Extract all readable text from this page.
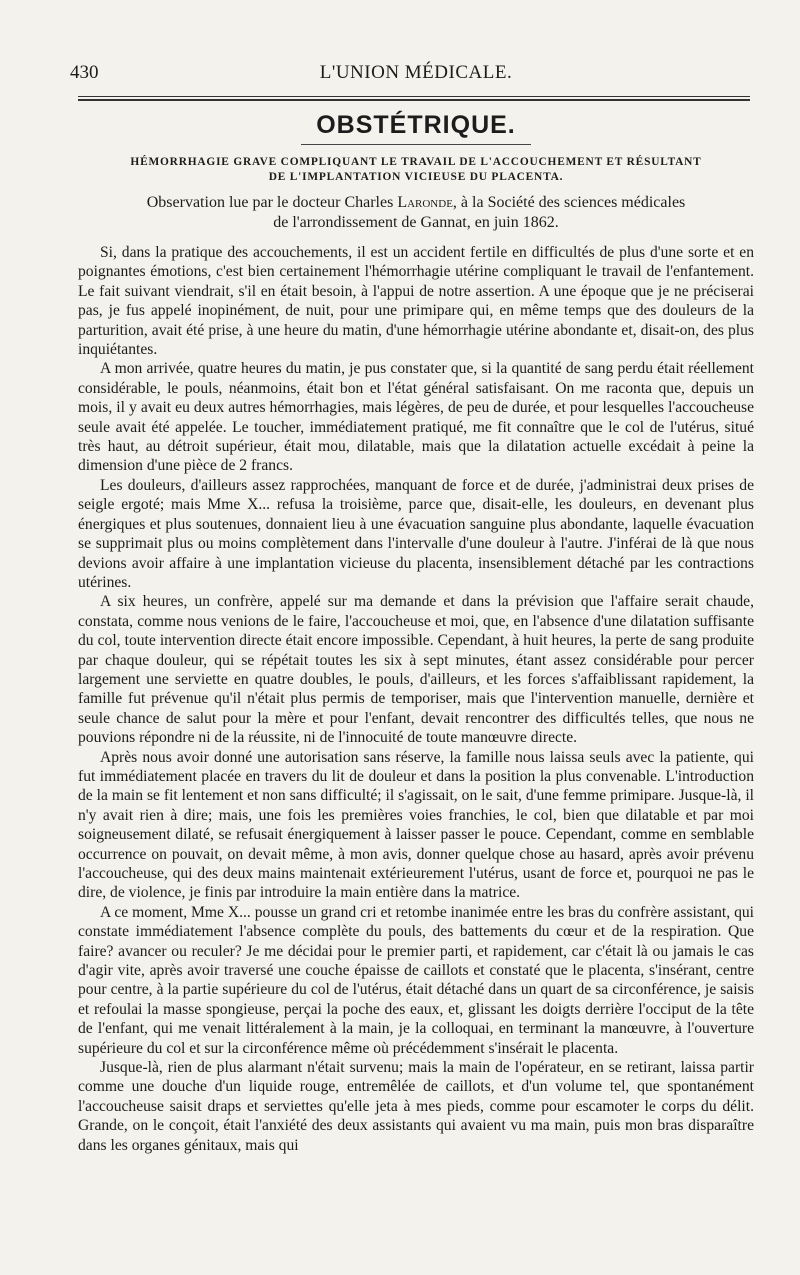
430	L'UNION MÉDICALE.
OBSTÉTRIQUE.
HÉMORRHAGIE GRAVE COMPLIQUANT LE TRAVAIL DE L'ACCOUCHEMENT ET RÉSULTANT
DE L'IMPLANTATION VICIEUSE DU PLACENTA.
Observation lue par le docteur Charles Laronde, à la Société des sciences médicales
de l'arrondissement de Gannat, en juin 1862.

Si, dans la pratique des accouchements, il est un accident fertile en difficultés de plus d'une sorte et en poignantes émotions, c'est bien certainement l'hémorrhagie utérine compliquant le travail de l'enfantement. Le fait suivant viendrait, s'il en était besoin, à l'appui de notre assertion. A une époque que je ne préciserai pas, je fus appelé inopinément, de nuit, pour une primipare qui, en même temps que des douleurs de la parturition, avait été prise, à une heure du matin, d'une hémorrhagie utérine abondante et, disait-on, des plus inquiétantes.

A mon arrivée, quatre heures du matin, je pus constater que, si la quantité de sang perdu était réellement considérable, le pouls, néanmoins, était bon et l'état général satisfaisant. On me raconta que, depuis un mois, il y avait eu deux autres hémorrhagies, mais légères, de peu de durée, et pour lesquelles l'accoucheuse seule avait été appelée. Le toucher, immédiatement pratiqué, me fit connaître que le col de l'utérus, situé très haut, au détroit supérieur, était mou, dilatable, mais que la dilatation actuelle excédait à peine la dimension d'une pièce de 2 francs.

Les douleurs, d'ailleurs assez rapprochées, manquant de force et de durée, j'administrai deux prises de seigle ergoté; mais Mme X... refusa la troisième, parce que, disait-elle, les douleurs, en devenant plus énergiques et plus soutenues, donnaient lieu à une évacuation sanguine plus abondante, laquelle évacuation se supprimait plus ou moins complètement dans l'intervalle d'une douleur à l'autre. J'inférai de là que nous devions avoir affaire à une implantation vicieuse du placenta, insensiblement détaché par les contractions utérines.

A six heures, un confrère, appelé sur ma demande et dans la prévision que l'affaire serait chaude, constata, comme nous venions de le faire, l'accoucheuse et moi, que, en l'absence d'une dilatation suffisante du col, toute intervention directe était encore impossible. Cependant, à huit heures, la perte de sang produite par chaque douleur, qui se répétait toutes les six à sept minutes, étant assez considérable pour percer largement une serviette en quatre doubles, le pouls, d'ailleurs, et les forces s'affaiblissant rapidement, la famille fut prévenue qu'il n'était plus permis de temporiser, mais que l'intervention manuelle, dernière et seule chance de salut pour la mère et pour l'enfant, devait rencontrer des difficultés telles, que nous ne pouvions répondre ni de la réussite, ni de l'innocuité de toute manœuvre directe.

Après nous avoir donné une autorisation sans réserve, la famille nous laissa seuls avec la patiente, qui fut immédiatement placée en travers du lit de douleur et dans la position la plus convenable. L'introduction de la main se fit lentement et non sans difficulté; il s'agissait, on le sait, d'une femme primipare. Jusque-là, il n'y avait rien à dire; mais, une fois les premières voies franchies, le col, bien que dilatable et par moi soigneusement dilaté, se refusait énergiquement à laisser passer le pouce. Cependant, comme en semblable occurrence on pouvait, on devait même, à mon avis, donner quelque chose au hasard, après avoir prévenu l'accoucheuse, qui des deux mains maintenait extérieurement l'utérus, usant de force et, pourquoi ne pas le dire, de violence, je finis par introduire la main entière dans la matrice.

A ce moment, Mme X... pousse un grand cri et retombe inanimée entre les bras du confrère assistant, qui constate immédiatement l'absence complète du pouls, des battements du cœur et de la respiration. Que faire? avancer ou reculer? Je me décidai pour le premier parti, et rapidement, car c'était là ou jamais le cas d'agir vite, après avoir traversé une couche épaisse de caillots et constaté que le placenta, s'insérant, centre pour centre, à la partie supérieure du col de l'utérus, était détaché dans un quart de sa circonférence, je saisis et refoulai la masse spongieuse, perçai la poche des eaux, et, glissant les doigts derrière l'occiput de la tête de l'enfant, qui me venait littéralement à la main, je la colloquai, en terminant la manœuvre, à l'ouverture supérieure du col et sur la circonférence même où précédemment s'insérait le placenta.

Jusque-là, rien de plus alarmant n'était survenu; mais la main de l'opérateur, en se retirant, laissa partir comme une douche d'un liquide rouge, entremêlée de caillots, et d'un volume tel, que spontanément l'accoucheuse saisit draps et serviettes qu'elle jeta à mes pieds, comme pour escamoter le corps du délit. Grande, on le conçoit, était l'anxiété des deux assistants qui avaient vu ma main, puis mon bras disparaître dans les organes génitaux, mais qui
